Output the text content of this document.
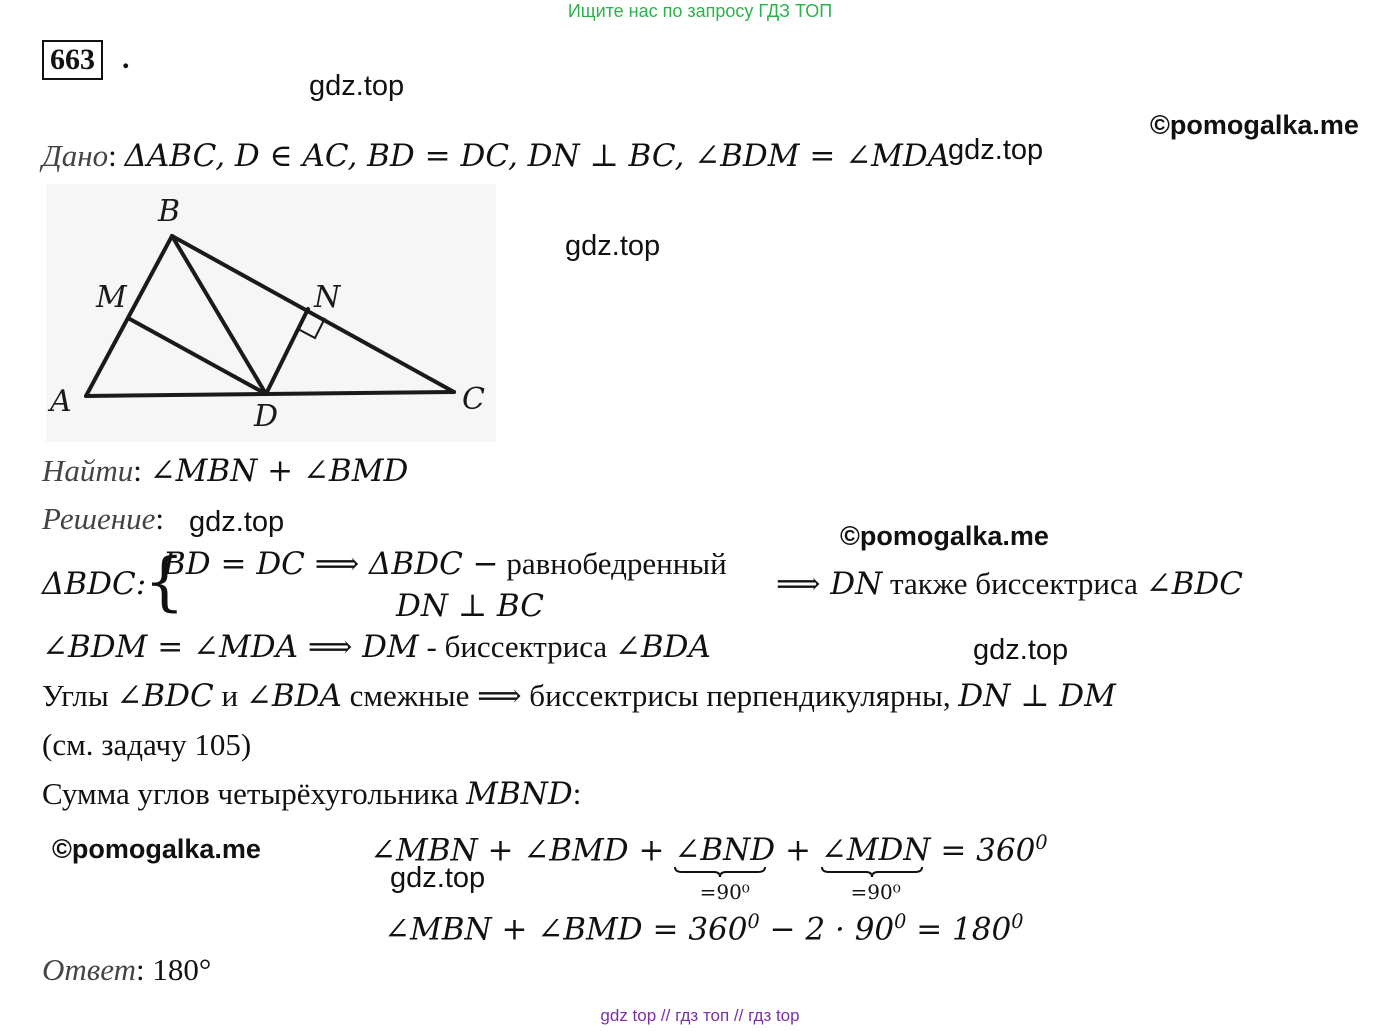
Ищите нас по запросу ГДЗ ТОП
663 .
gdz.top
©pomogalka.me
gdz.top
gdz.top
gdz.top	©pomogalka.me
gdz.top
©pomogalka.me
gdz.top
Дано: ΔABC, D ∈ AC, BD = DC, DN ⊥ BC, ∠BDM = ∠MDA
B
M	N
A	D	C
Найти: ∠MBN + ∠BMD
Решение:
ΔBDC:
{
BD = DC ⟹ ΔBDC − равнобедренный
DN ⊥ BC
⟹ DN также биссектриса ∠BDC
∠BDM = ∠MDA ⟹ DM - биссектриса ∠BDA
Углы ∠BDC и ∠BDA смежные ⟹ биссектрисы перпендикулярны, DN ⊥ DM
(см. задачу 105)
Сумма углов четырёхугольника MBND:
∠MBN + ∠BMD + ∠BND
=90⁰
+ ∠MDN
=90⁰
= $360^0$
∠MBN + ∠BMD = $360^0 - 2 \cdot 90^0 = 180^0$
Ответ: 180°
gdz top // гдз топ // гдз top
